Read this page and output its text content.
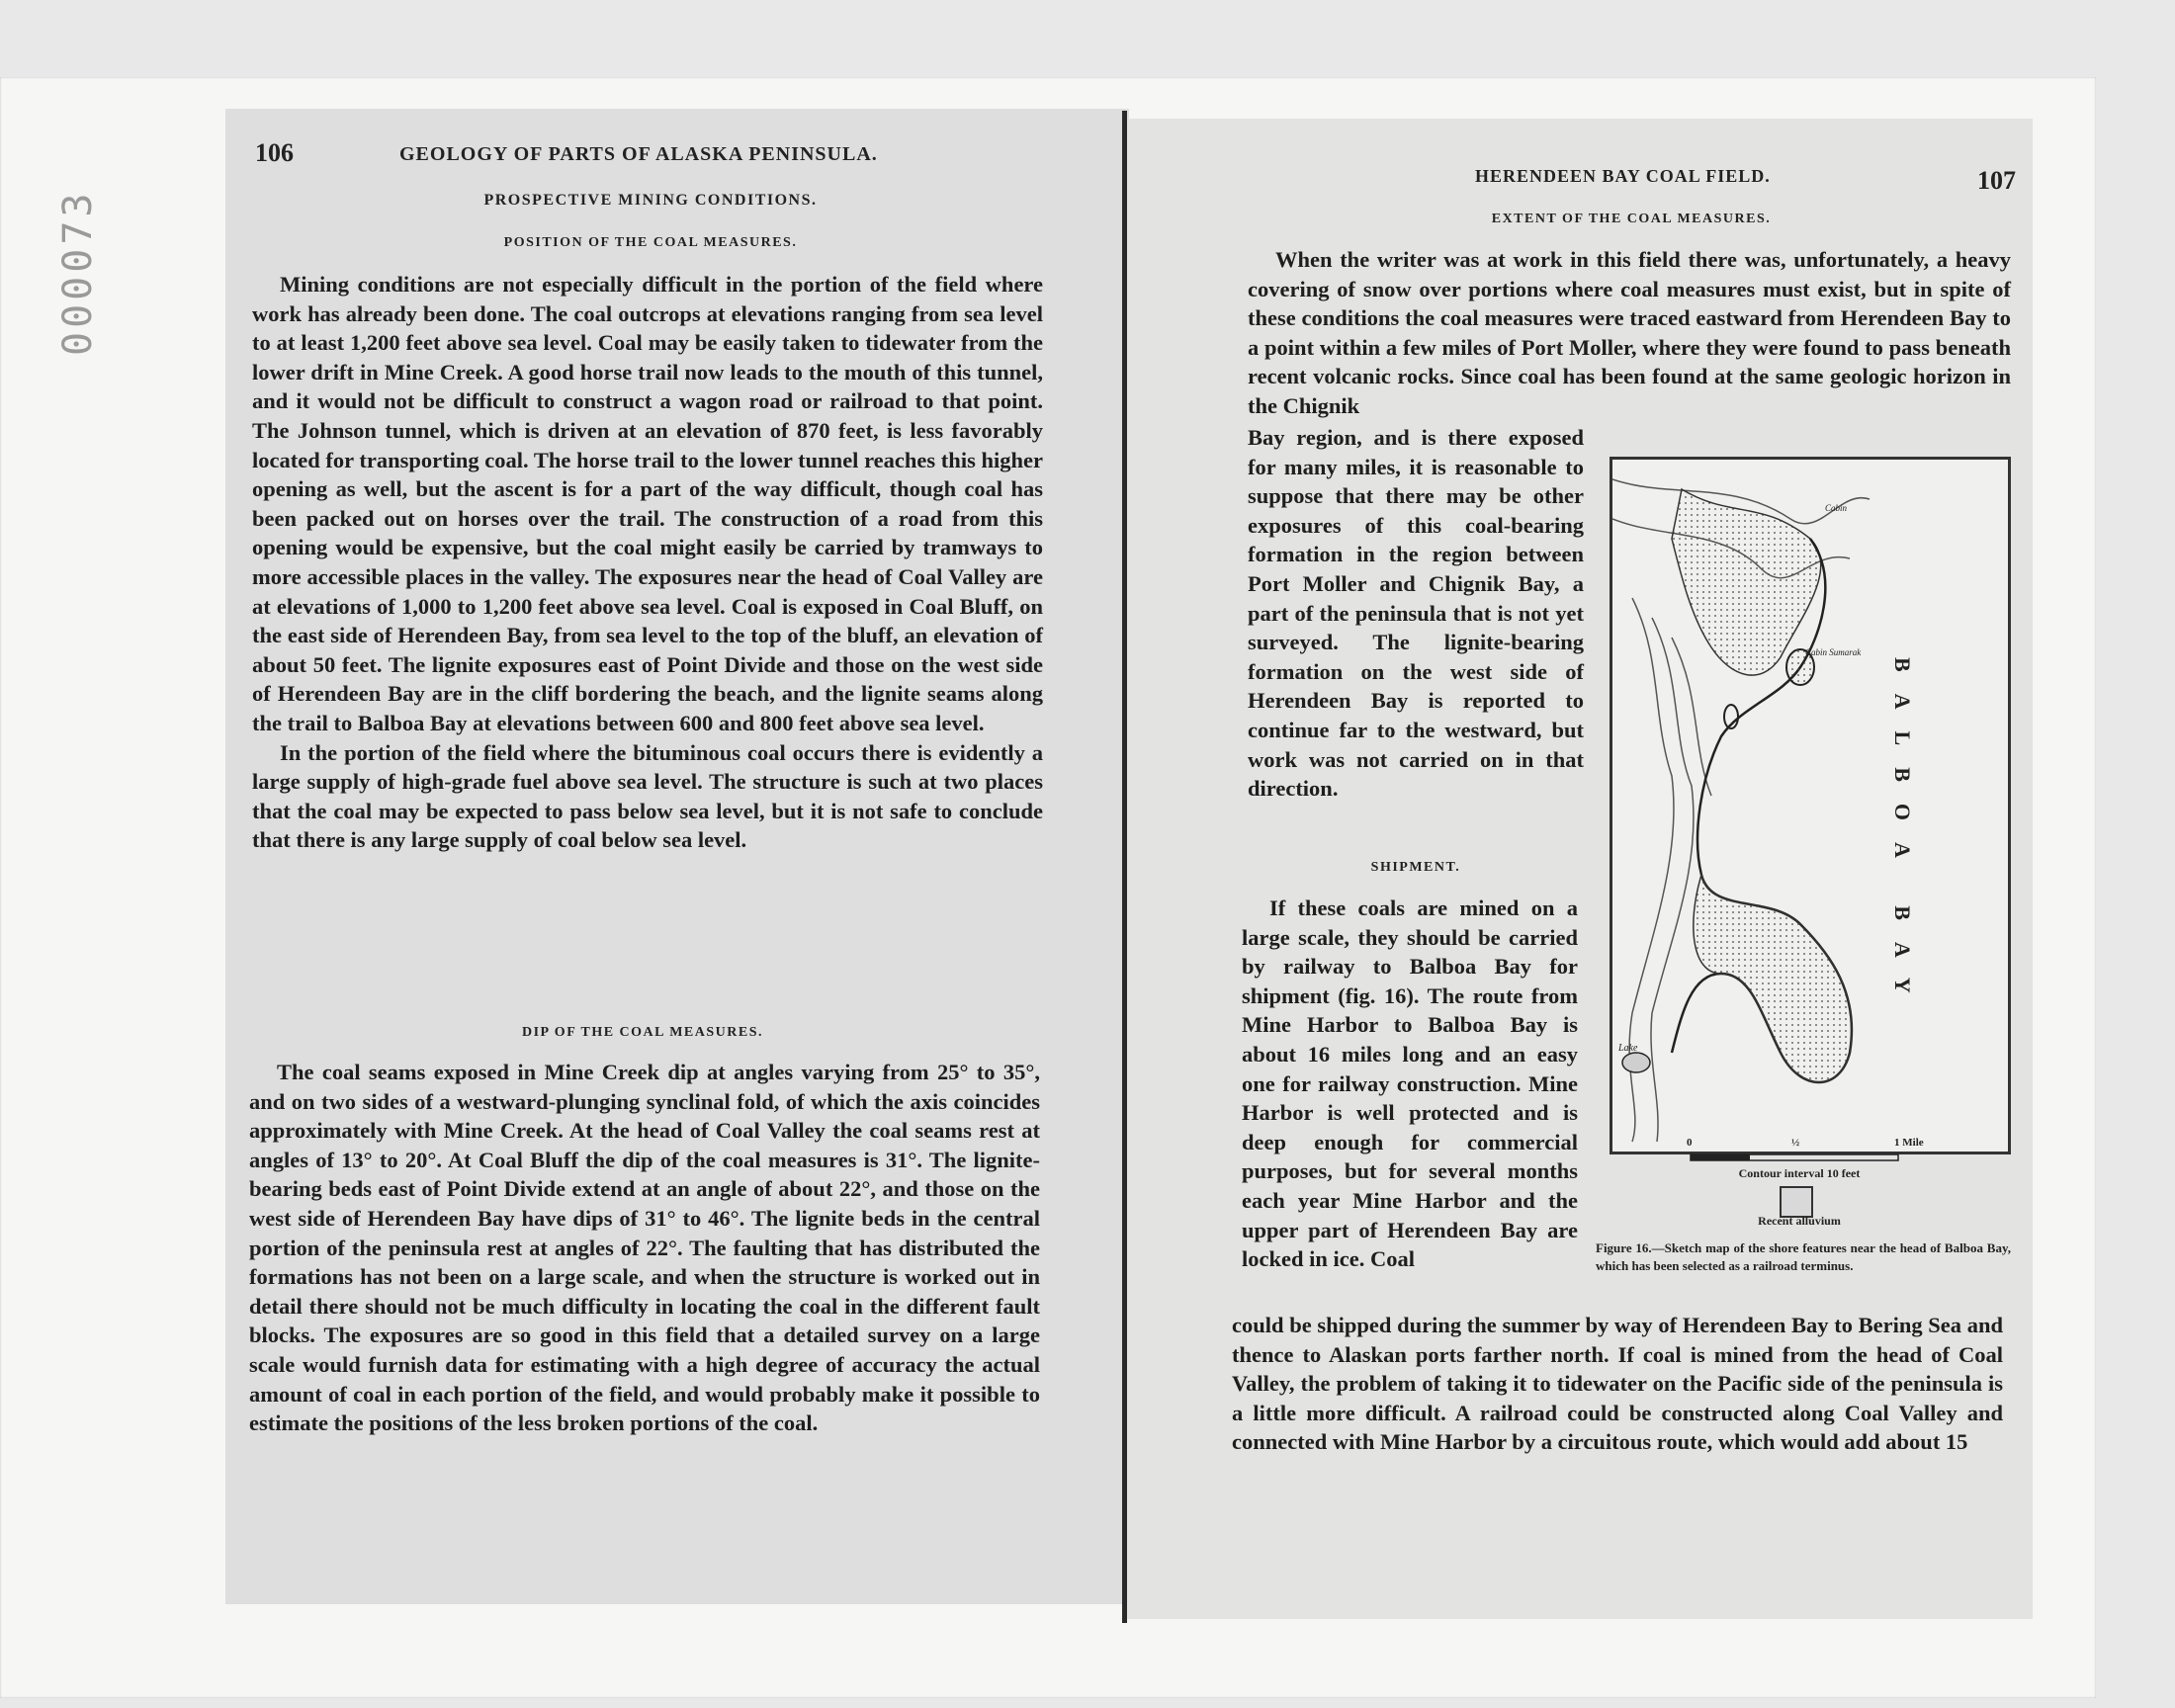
000073
106	GEOLOGY OF PARTS OF ALASKA PENINSULA.
PROSPECTIVE MINING CONDITIONS.
POSITION OF THE COAL MEASURES.

Mining conditions are not especially difficult in the portion of the field where work has already been done. The coal outcrops at elevations ranging from sea level to at least 1,200 feet above sea level. Coal may be easily taken to tidewater from the lower drift in Mine Creek. A good horse trail now leads to the mouth of this tunnel, and it would not be difficult to construct a wagon road or railroad to that point. The Johnson tunnel, which is driven at an elevation of 870 feet, is less favorably located for transporting coal. The horse trail to the lower tunnel reaches this higher opening as well, but the ascent is for a part of the way difficult, though coal has been packed out on horses over the trail. The construction of a road from this opening would be expensive, but the coal might easily be carried by tramways to more accessible places in the valley. The exposures near the head of Coal Valley are at elevations of 1,000 to 1,200 feet above sea level. Coal is exposed in Coal Bluff, on the east side of Herendeen Bay, from sea level to the top of the bluff, an elevation of about 50 feet. The lignite exposures east of Point Divide and those on the west side of Herendeen Bay are in the cliff bordering the beach, and the lignite seams along the trail to Balboa Bay at elevations between 600 and 800 feet above sea level.

In the portion of the field where the bituminous coal occurs there is evidently a large supply of high-grade fuel above sea level. The structure is such at two places that the coal may be expected to pass below sea level, but it is not safe to conclude that there is any large supply of coal below sea level.

DIP OF THE COAL MEASURES.

The coal seams exposed in Mine Creek dip at angles varying from 25° to 35°, and on two sides of a westward-plunging synclinal fold, of which the axis coincides approximately with Mine Creek. At the head of Coal Valley the coal seams rest at angles of 13° to 20°. At Coal Bluff the dip of the coal measures is 31°. The lignite-bearing beds east of Point Divide extend at an angle of about 22°, and those on the west side of Herendeen Bay have dips of 31° to 46°. The lignite beds in the central portion of the peninsula rest at angles of 22°. The faulting that has distributed the formations has not been on a large scale, and when the structure is worked out in detail there should not be much difficulty in locating the coal in the different fault blocks. The exposures are so good in this field that a detailed survey on a large scale would furnish data for estimating with a high degree of accuracy the actual amount of coal in each portion of the field, and would probably make it possible to estimate the positions of the less broken portions of the coal.

HERENDEEN BAY COAL FIELD.	107
EXTENT OF THE COAL MEASURES.

When the writer was at work in this field there was, unfortunately, a heavy covering of snow over portions where coal measures must exist, but in spite of these conditions the coal measures were traced eastward from Herendeen Bay to a point within a few miles of Port Moller, where they were found to pass beneath recent volcanic rocks. Since coal has been found at the same geologic horizon in the Chignik

Bay region, and is there exposed for many miles, it is reasonable to suppose that there may be other exposures of this coal-bearing formation in the region between Port Moller and Chignik Bay, a part of the peninsula that is not yet surveyed. The lignite-bearing formation on the west side of Herendeen Bay is reported to continue far to the westward, but work was not carried on in that direction.

SHIPMENT.

If these coals are mined on a large scale, they should be carried by railway to Balboa Bay for shipment (fig. 16). The route from Mine Harbor to Balboa Bay is about 16 miles long and an easy one for railway construction. Mine Harbor is well protected and is deep enough for commercial purposes, but for several months each year Mine Harbor and the upper part of Herendeen Bay are locked in ice. Coal

could be shipped during the summer by way of Herendeen Bay to Bering Sea and thence to Alaskan ports farther north. If coal is mined from the head of Coal Valley, the problem of taking it to tidewater on the Pacific side of the peninsula is a little more difficult. A railroad could be constructed along Coal Valley and connected with Mine Harbor by a circuitous route, which would add about 15

BALBOA BAY
Lake
Cabin
Cabin Sumarak
0	½	1 Mile
Contour interval 10 feet
Recent alluvium
Figure 16.—Sketch map of the shore features near the head of Balboa Bay, which has been selected as a railroad terminus.
